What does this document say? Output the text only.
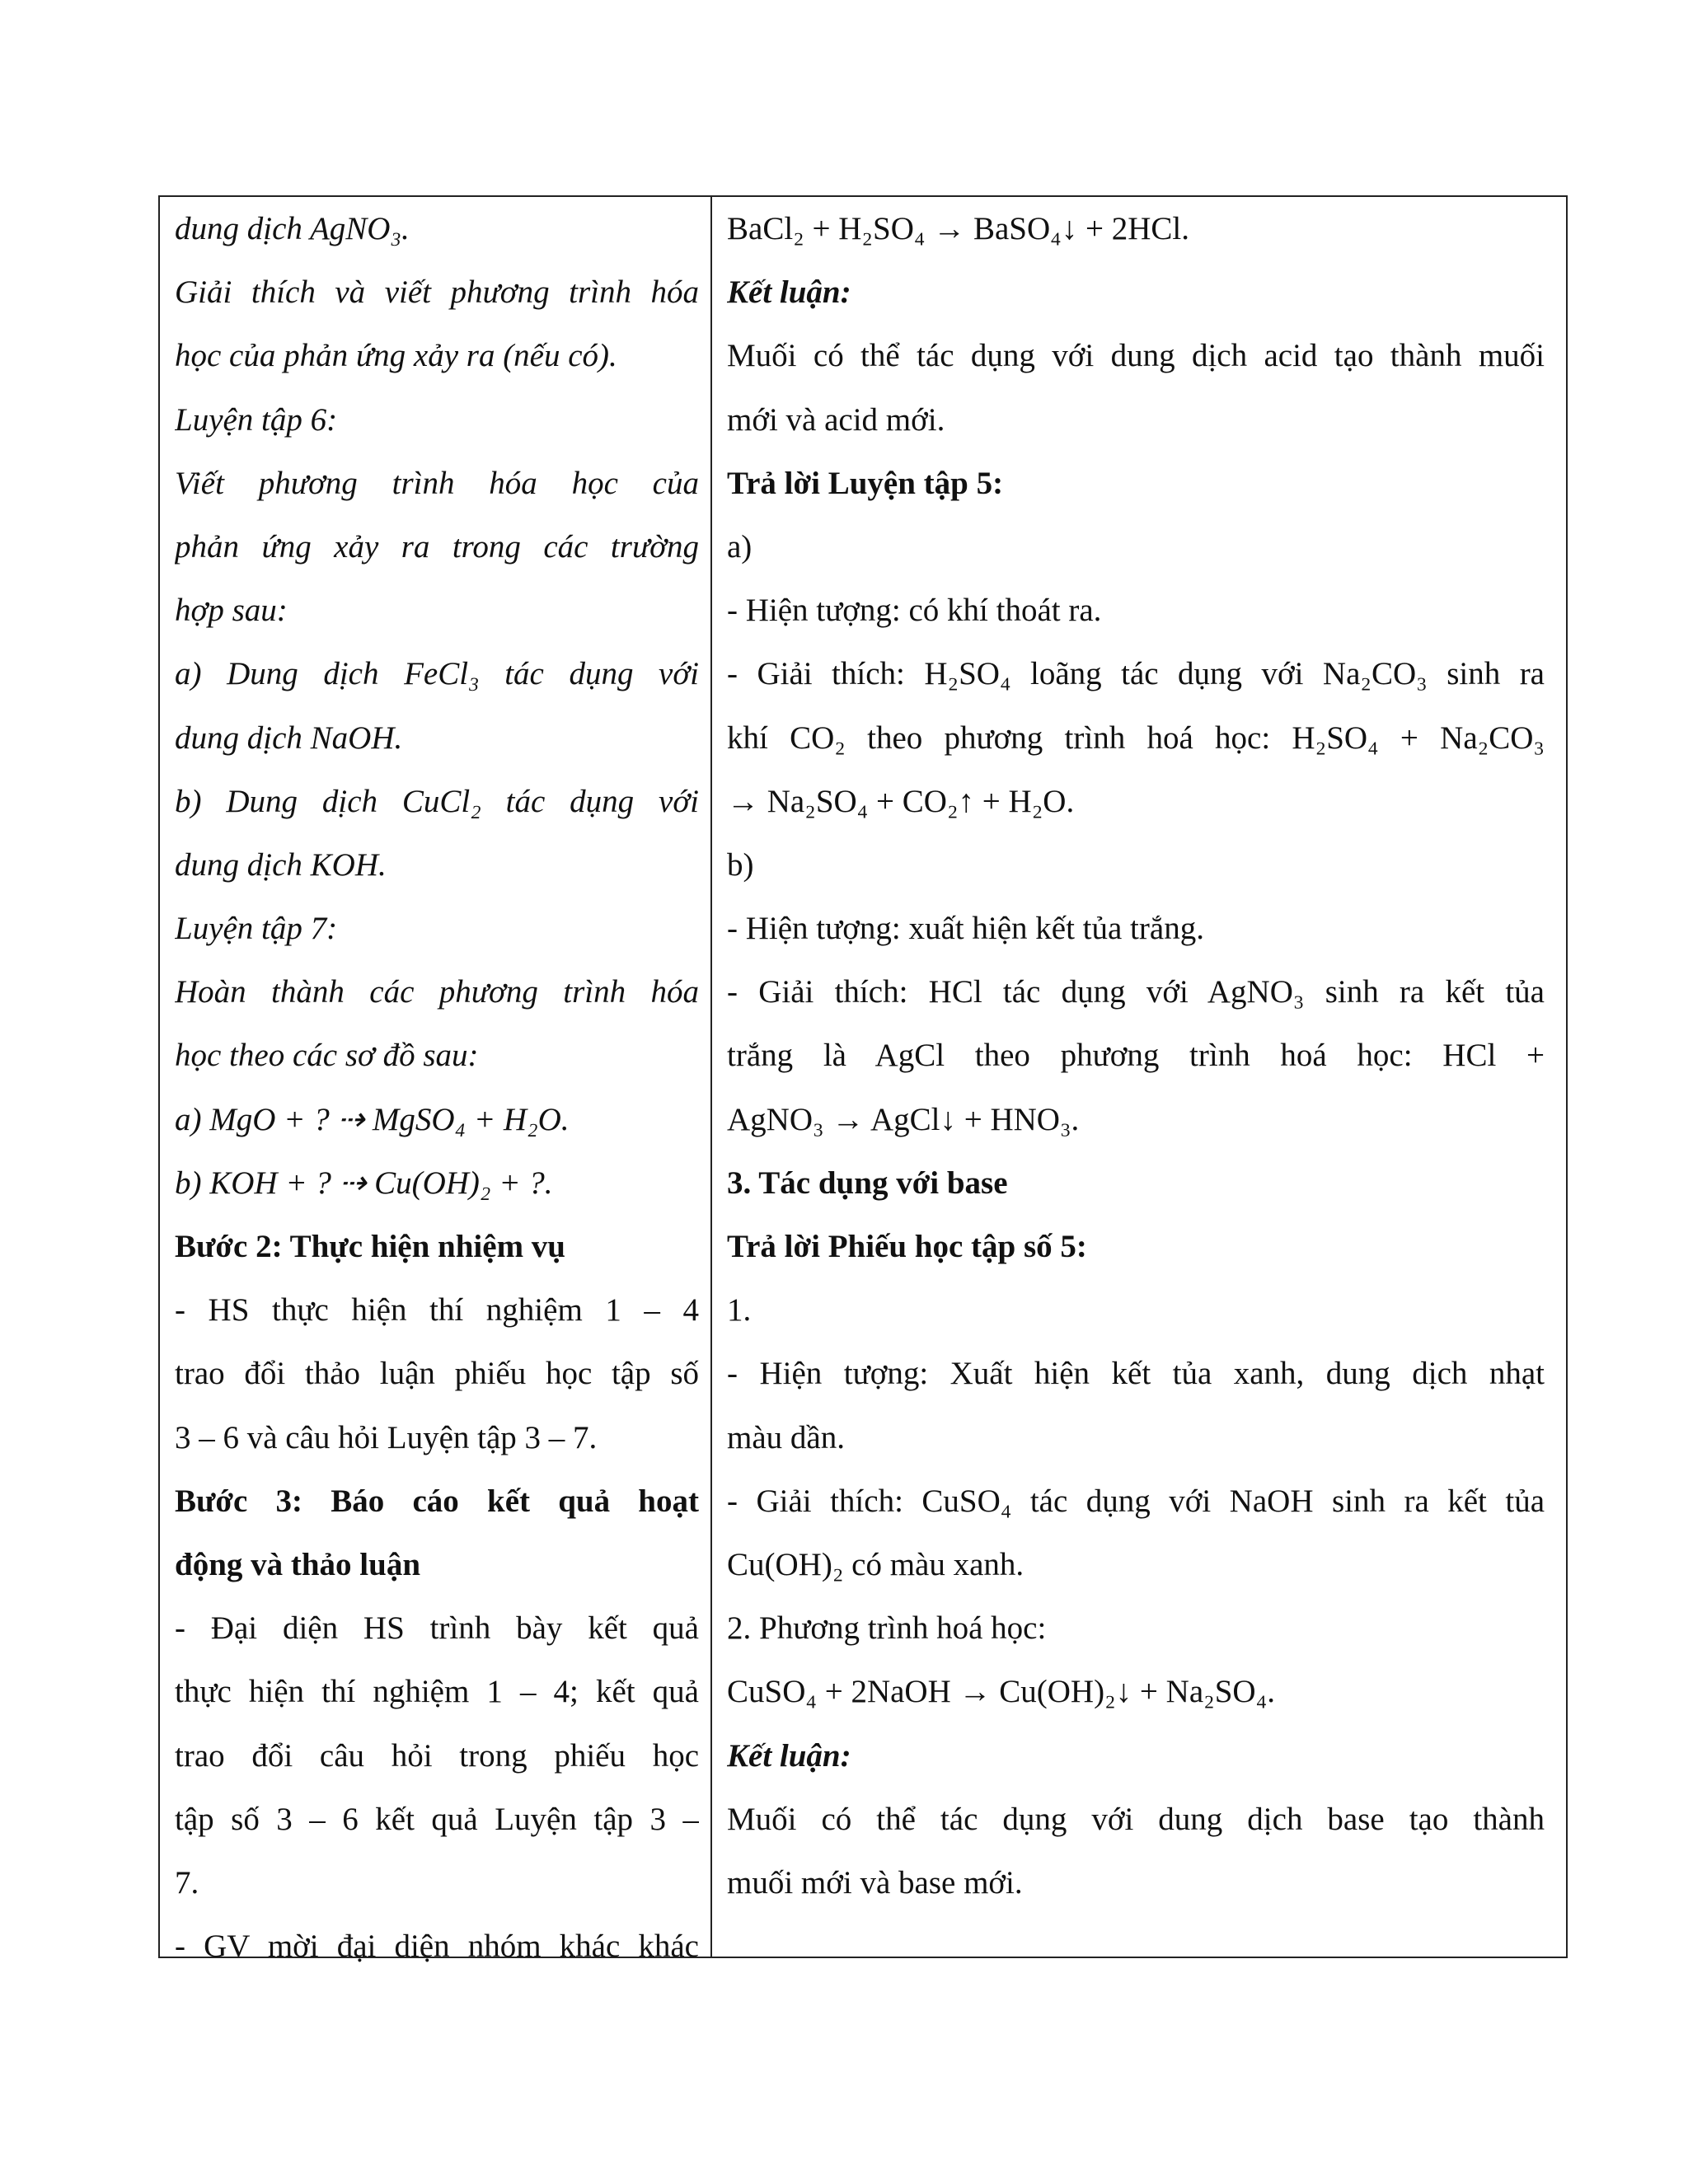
dung dịch AgNO₃.
Giải thích và viết phương trình hóa
học của phản ứng xảy ra (nếu có).
Luyện tập 6:
Viết phương trình hóa học của
phản ứng xảy ra trong các trường
hợp sau:
a) Dung dịch FeCl₃ tác dụng với
dung dịch NaOH.
b) Dung dịch CuCl₂ tác dụng với
dung dịch KOH.
Luyện tập 7:
Hoàn thành các phương trình hóa
học theo các sơ đồ sau:
a) MgO + ? ⇢ MgSO₄ + H₂O.
b) KOH + ? ⇢ Cu(OH)₂ + ?.
Bước 2: Thực hiện nhiệm vụ
- HS thực hiện thí nghiệm 1 – 4
trao đổi thảo luận phiếu học tập số
3 – 6 và câu hỏi Luyện tập 3 – 7.
Bước 3: Báo cáo kết quả hoạt
động và thảo luận
- Đại diện HS trình bày kết quả
thực hiện thí nghiệm 1 – 4; kết quả
trao đổi câu hỏi trong phiếu học
tập số 3 – 6 kết quả Luyện tập 3 –
7.
- GV mời đại diện nhóm khác khác
BaCl₂ + H₂SO₄ → BaSO₄↓ + 2HCl.
Kết luận:
Muối có thể tác dụng với dung dịch acid tạo thành muối
mới và acid mới.
Trả lời Luyện tập 5:
a)
- Hiện tượng: có khí thoát ra.
- Giải thích: H₂SO₄ loãng tác dụng với Na₂CO₃ sinh ra
khí CO₂ theo phương trình hoá học: H₂SO₄ + Na₂CO₃
→ Na₂SO₄ + CO₂↑ + H₂O.
b)
- Hiện tượng: xuất hiện kết tủa trắng.
- Giải thích: HCl tác dụng với AgNO₃ sinh ra kết tủa
trắng là AgCl theo phương trình hoá học: HCl +
AgNO₃ → AgCl↓ + HNO₃.
3. Tác dụng với base
Trả lời Phiếu học tập số 5:
1.
- Hiện tượng: Xuất hiện kết tủa xanh, dung dịch nhạt
màu dần.
- Giải thích: CuSO₄ tác dụng với NaOH sinh ra kết tủa
Cu(OH)₂ có màu xanh.
2. Phương trình hoá học:
CuSO₄ + 2NaOH → Cu(OH)₂↓ + Na₂SO₄.
Kết luận:
Muối có thể tác dụng với dung dịch base tạo thành
muối mới và base mới.
